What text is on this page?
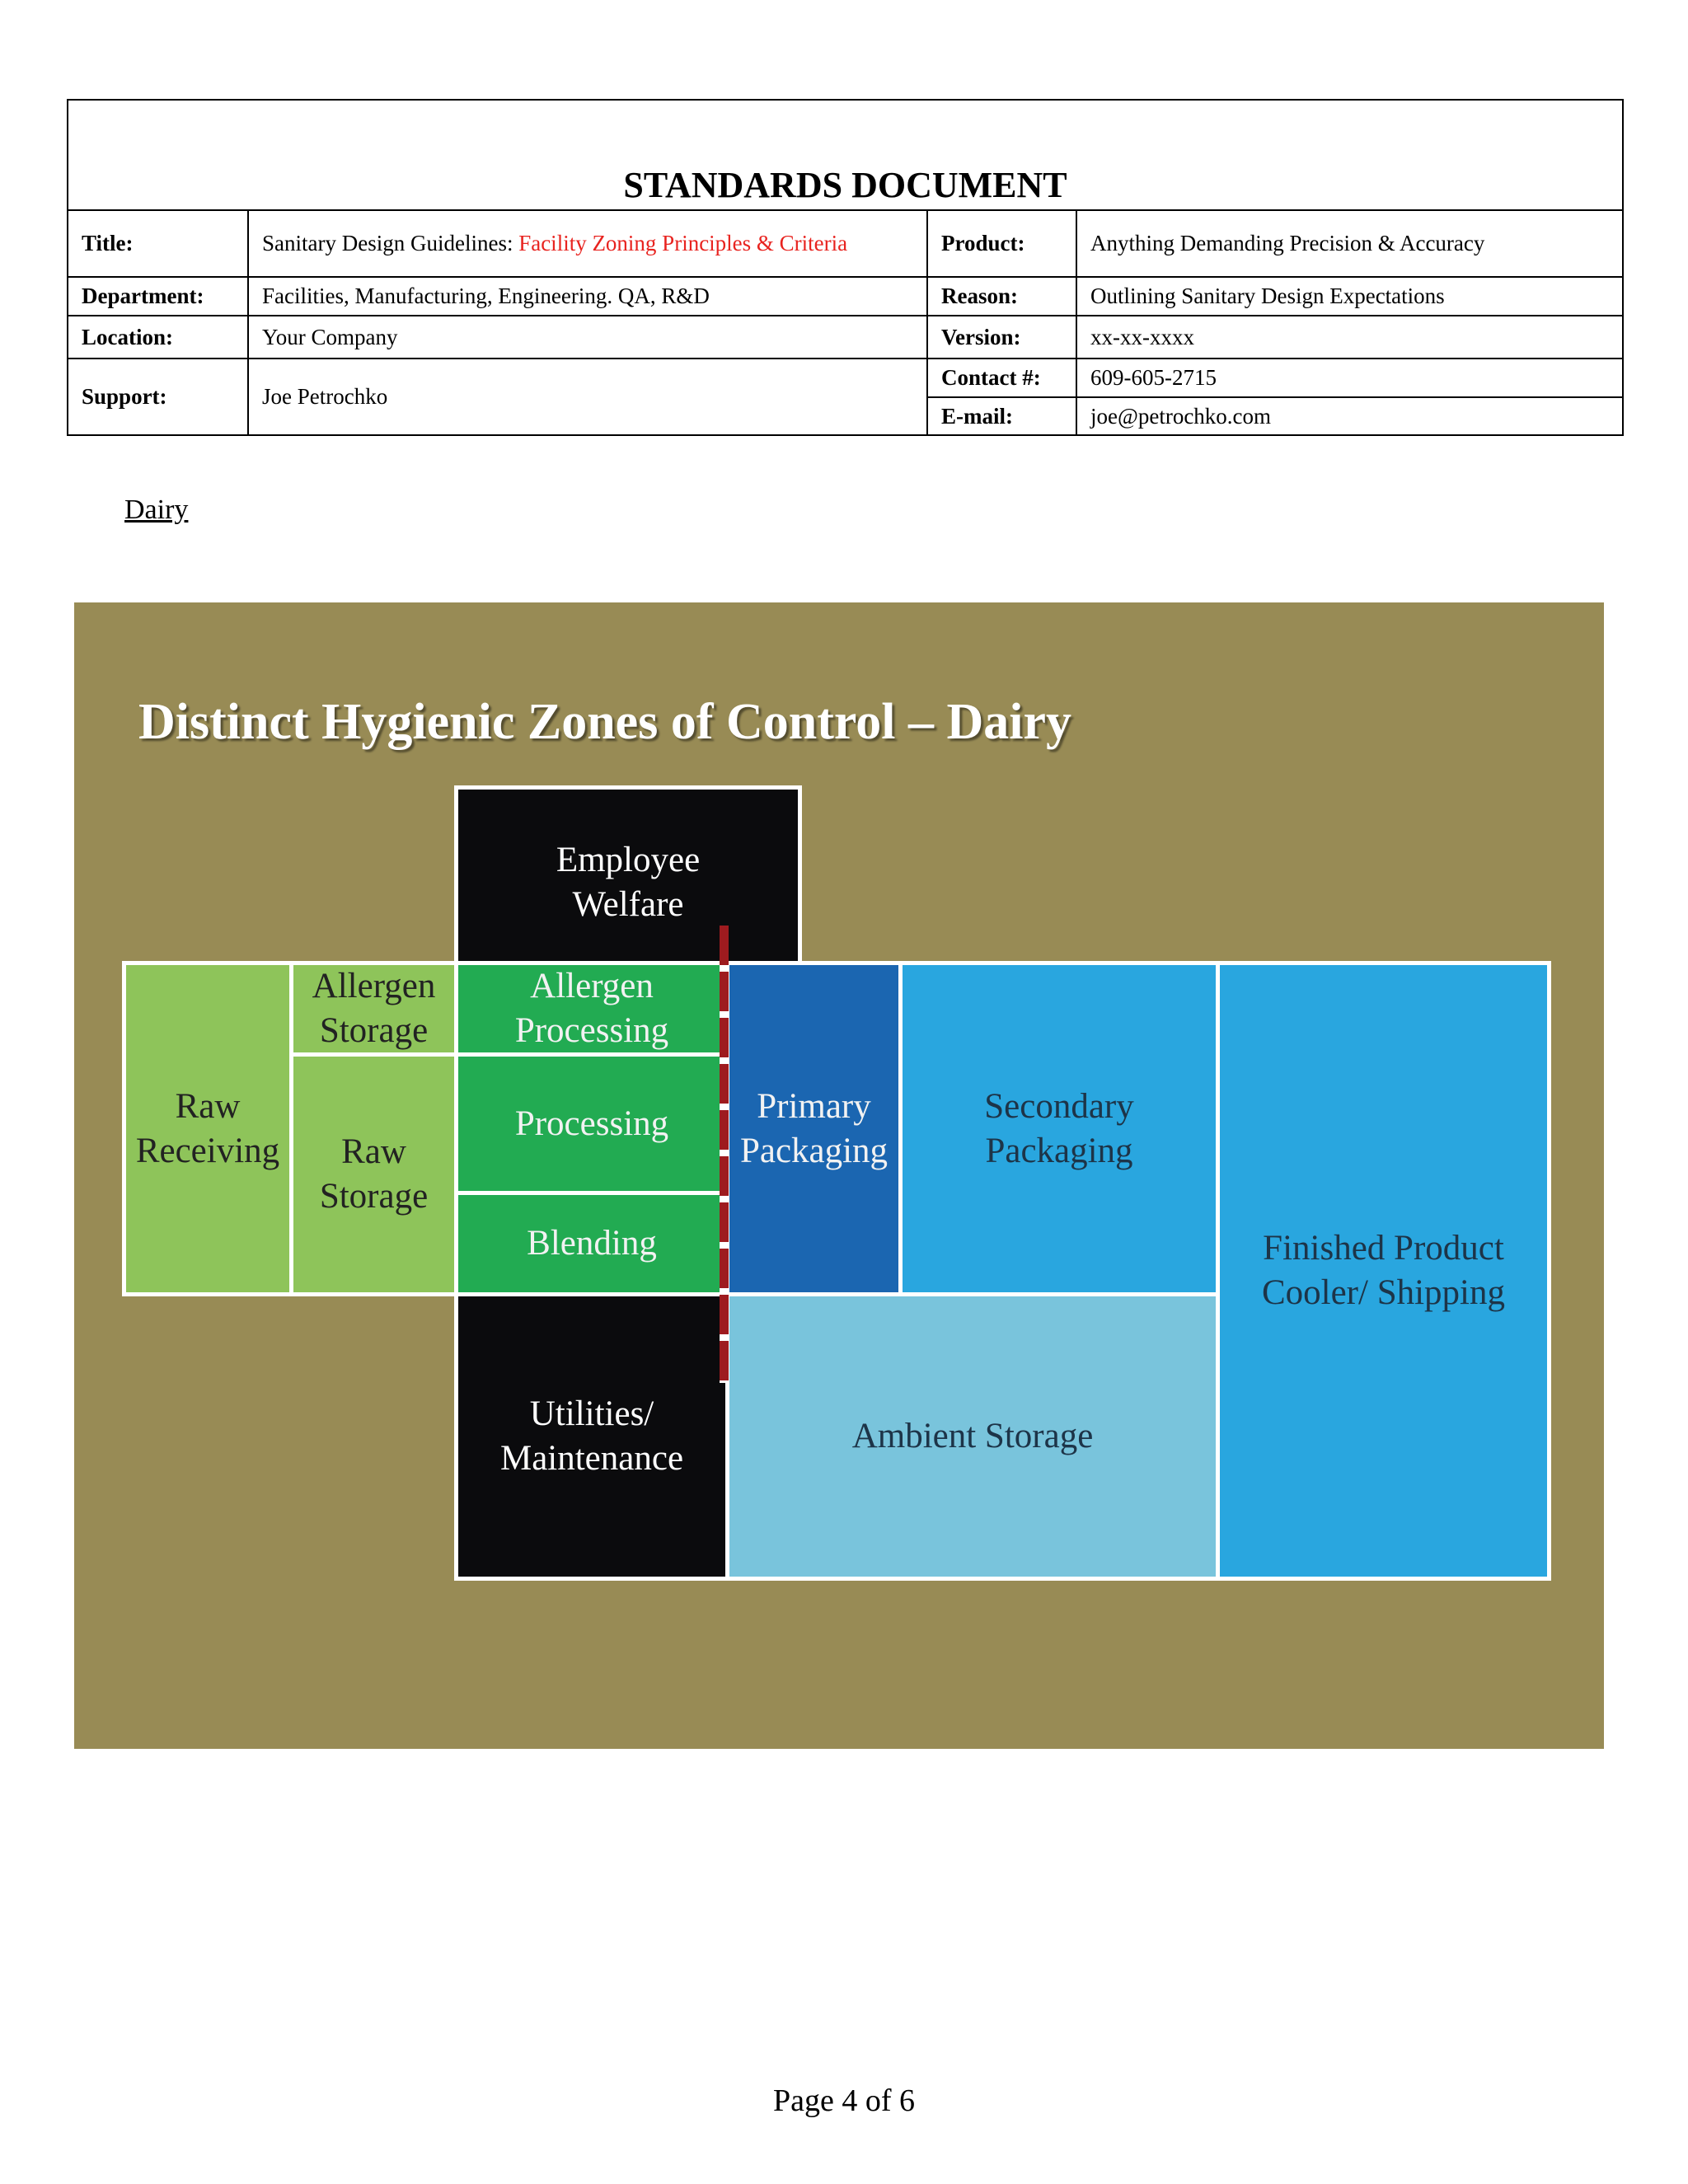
STANDARDS DOCUMENT			
Title:	Sanitary Design Guidelines: Facility Zoning Principles & Criteria	Product:	Anything Demanding Precision & Accuracy
Department:	Facilities, Manufacturing, Engineering. QA, R&D	Reason:	Outlining Sanitary Design Expectations
Location:	Your Company	Version:	xx-xx-xxxx
Support:	Joe Petrochko	Contact #:	609-605-2715
		E-mail:	joe@petrochko.com
Dairy
Distinct Hygienic Zones of Control – Dairy
Employee
Welfare
Raw
Receiving
Allergen
Storage
Raw
Storage
Allergen
Processing
Processing
Blending
Utilities/
Maintenance
Primary
Packaging
Secondary
Packaging
Finished Product
Cooler/ Shipping
Ambient Storage
Page 4 of 6
